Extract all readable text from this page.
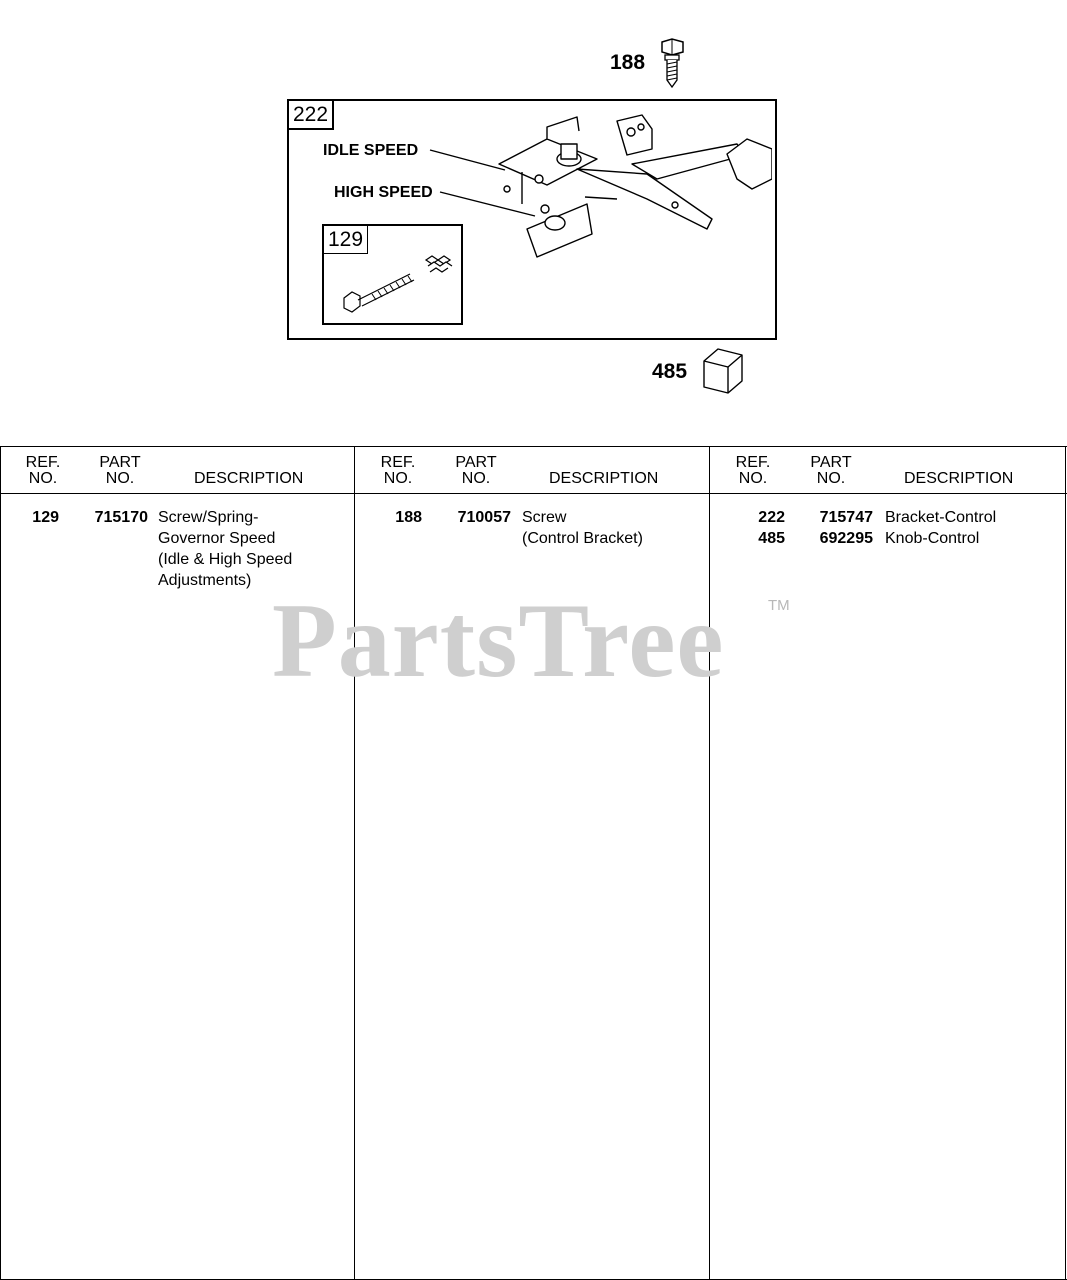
188
222
IDLE SPEED
HIGH SPEED
129
485
REF.
NO.
PART
NO.	DESCRIPTION
REF.
NO.
PART
NO.	DESCRIPTION
REF.
NO.
PART
NO.	DESCRIPTION
129	715170 Screw/Spring-
Governor Speed
(Idle & High Speed
Adjustments)
188	710057 Screw
(Control Bracket)
222	715747 Bracket-Control
485	692295 Knob-Control
PartsTree	TM
